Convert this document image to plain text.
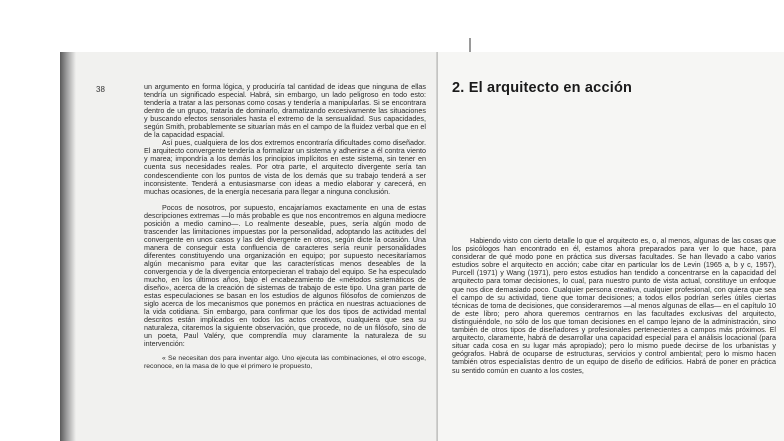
38	un argumento en forma lógica, y produciría tal cantidad de ideas que ninguna de ellas tendría un significado especial. Habrá, sin embargo, un lado peligroso en todo esto: tendería a tratar a las personas como cosas y tendería a manipularlas. Si se encontrara dentro de un grupo, trataría de dominarlo, dramatizando excesivamente las situaciones y buscando efectos sensoriales hasta el extremo de la sensualidad. Sus capacidades, según Smith, probablemente se situarían más en el campo de la fluidez verbal que en el de la capacidad espacial.

Así pues, cualquiera de los dos extremos encontraría dificultades como diseñador. El arquitecto convergente tendería a formalizar un sistema y adherirse a él contra viento y marea; impondría a los demás los principios implícitos en este sistema, sin tener en cuenta sus necesidades reales. Por otra parte, el arquitecto divergente sería tan condescendiente con los puntos de vista de los demás que su trabajo tenderá a ser inconsistente. Tenderá a entusiasmarse con ideas a medio elaborar y carecerá, en muchas ocasiones, de la energía necesaria para llegar a ninguna conclusión.

Pocos de nosotros, por supuesto, encajaríamos exactamente en una de estas descripciones extremas —lo más probable es que nos encontremos en alguna mediocre posición a medio camino—. Lo realmente deseable, pues, sería algún modo de trascender las limitaciones impuestas por la personalidad, adoptando las actitudes del convergente en unos casos y las del divergente en otros, según dicte la ocasión. Una manera de conseguir esta confluencia de caracteres sería reunir personalidades diferentes constituyendo una organización en equipo; por supuesto necesitaríamos algún mecanismo para evitar que las características menos deseables de la convergencia y de la divergencia entorpecieran el trabajo del equipo. Se ha especulado mucho, en los últimos años, bajo el encabezamiento de «métodos sistemáticos de diseño», acerca de la creación de sistemas de trabajo de este tipo. Una gran parte de estas especulaciones se basan en los estudios de algunos filósofos de comienzos de siglo acerca de los mecanismos que ponemos en práctica en nuestras actuaciones de la vida cotidiana. Sin embargo, para confirmar que los dos tipos de actividad mental descritos están implicados en todos los actos creativos, cualquiera que sea su naturaleza, citaremos la siguiente observación, que procede, no de un filósofo, sino de un poeta, Paul Valéry, que comprendía muy claramente la naturaleza de su intervención:

« Se necesitan dos para inventar algo. Uno ejecuta las combinaciones, el otro escoge, reconoce, en la masa de lo que el primero le propuesto,

2. El arquitecto en acción

Habiendo visto con cierto detalle lo que el arquitecto es, o, al menos, algunas de las cosas que los psicólogos han encontrado en él, estamos ahora preparados para ver lo que hace, para considerar de qué modo pone en práctica sus diversas facultades. Se han llevado a cabo varios estudios sobre el arquitecto en acción; cabe citar en particular los de Levin (1965 a, b y c, 1957), Purcell (1971) y Wang (1971), pero estos estudios han tendido a concentrarse en la capacidad del arquitecto para tomar decisiones, lo cual, para nuestro punto de vista actual, constituye un enfoque que nos dice demasiado poco. Cualquier persona creativa, cualquier profesional, con quiera que sea el campo de su actividad, tiene que tomar decisiones; a todos ellos podrían serles útiles ciertas técnicas de toma de decisiones, que consideraremos —al menos algunas de ellas— en el capítulo 10 de este libro; pero ahora queremos centrarnos en las facultades exclusivas del arquitecto, distinguiéndole, no sólo de los que toman decisiones en el campo lejano de la administración, sino también de otros tipos de diseñadores y profesionales pertenecientes a campos más próximos. El arquitecto, claramente, habrá de desarrollar una capacidad especial para el análisis locacional (para situar cada cosa en su lugar más apropiado); pero lo mismo puede decirse de los urbanistas y geógrafos. Habrá de ocuparse de estructuras, servicios y control ambiental; pero lo mismo hacen también otros especialistas dentro de un equipo de diseño de edificios. Habrá de poner en práctica su sentido común en cuanto a los costes,
